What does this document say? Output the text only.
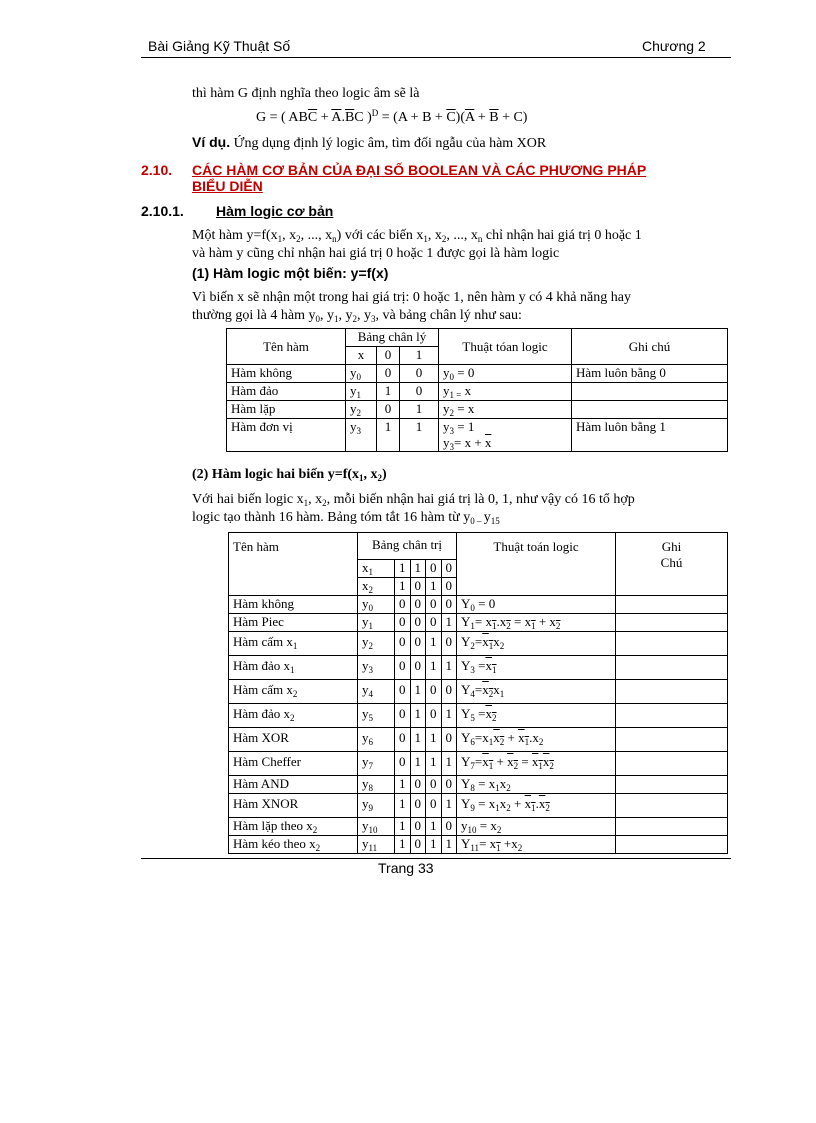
Bài Giảng Kỹ Thuật Số	Chương 2
thì hàm G định nghĩa theo logic âm sẽ là
G = ( $AB\overline{C} + \overline{A}.\overline{B}C$ )$^D = (A + B + \overline{C})(\overline{A} + \overline{B} + C)$
Ví dụ. Ứng dụng định lý logic âm, tìm đối ngẫu của hàm XOR
2.10. CÁC HÀM CƠ BẢN CỦA ĐẠI SỐ BOOLEAN VÀ CÁC PHƯƠNG PHÁP
BIỂU DIỄN
2.10.1. Hàm logic cơ bản
Một hàm $y=f(x_1$, $x_2$, ..., $x_n$) với các biến $x_1$, $x_2$, ..., $x_n$ chỉ nhận hai giá trị 0 hoặc 1
và hàm y cũng chỉ nhận hai giá trị 0 hoặc 1 được gọi là hàm logic
(1) Hàm logic một biến: y=f(x)
Vì biến x sẽ nhận một trong hai giá trị: 0 hoặc 1, nên hàm y có 4 khả năng hay
thường gọi là 4 hàm $y_0$, $y_1$, $y_2$, $y_3$, và bảng chân lý như sau:
Tên hàm	Bảng chân lý			Thuật tóan logic	Ghi chú
	x	0	1		
Hàm không	$y_0$	0	0	$y_0 = 0$	Hàm luôn bằng 0
Hàm đảo	$y_1$	1	0	$y_{1 =}$ $\overline{x}$	
Hàm lặp	$y_2$	0	1	$y_2 = x$	
Hàm đơn vị	$y_3$	1	1	$y_3 = 1$
$y_3= x + \overline{x}$	Hàm luôn bằng 1
(2) Hàm logic hai biến $y=f(x_1$, $x_2$)
Với hai biến logic $x_1$, $x_2$, mỗi biến nhận hai giá trị là 0, 1, như vậy có 16 tổ hợp
logic tạo thành 16 hàm. Bảng tóm tắt 16 hàm từ $y_{0 -}$ $y_{15}$
Tên hàm	Bảng chân trị					Thuật toán logic	Ghi
Chú
	$x_1$	1	1	0	0		
	$x_2$	1	0	1	0		
Hàm không	$y_0$	0	0	0	0	$Y_0 = 0$	
Hàm Piec	$y_1$	0	0	0	1	$Y_1= x_1.x_2 = x_1 + x_2$	
Hàm cấm $x_1$	$y_2$	0	0	1	0	$Y_2=x_1x_2$	
Hàm đảo $x_1$	$y_3$	0	0	1	1	$Y_3 =x_1$	
Hàm cấm $x_2$	$y_4$	0	1	0	0	$Y_4=x_2x_1$	
Hàm đảo $x_2$	$y_5$	0	1	0	1	$Y_5 =x_2$	
Hàm XOR	$y_6$	0	1	1	0	$Y_6=x_1x_2 + x_1.x_2$	
Hàm Cheffer	$y_7$	0	1	1	1	$Y_7=x_1 + x_2 = x_1x_2$	
Hàm AND	$y_8$	1	0	0	0	$Y_8 = x_1x_2$	
Hàm XNOR	$y_9$	1	0	0	1	$Y_9 = x_1x_2 + x_1.x_2$	
Hàm lặp theo $x_2$	$y_{10}$	1	0	1	0	$y_{10} = x_2$	
Hàm kéo theo $x_2$	$y_{11}$	1	0	1	1	$Y_{11}= x_1 +x_2$	
Trang 33
